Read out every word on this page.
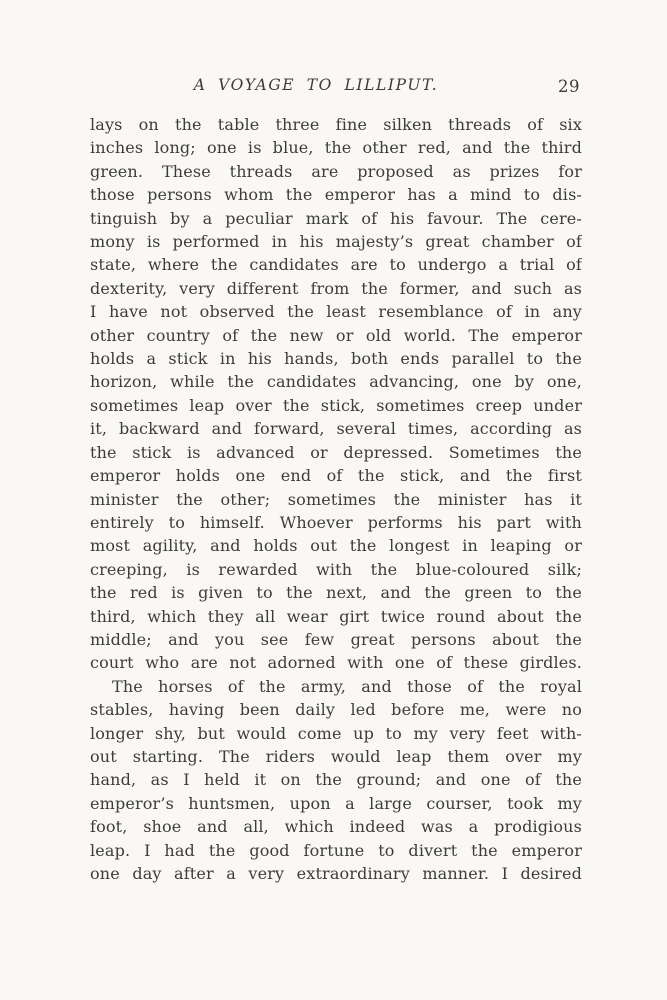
A VOYAGE TO LILLIPUT.	29
lays on the table three fine silken threads of six
inches long; one is blue, the other red, and the third
green. These threads are proposed as prizes for
those persons whom the emperor has a mind to dis-
tinguish by a peculiar mark of his favour. The cere-
mony is performed in his majesty’s great chamber of
state, where the candidates are to undergo a trial of
dexterity, very different from the former, and such as
I have not observed the least resemblance of in any
other country of the new or old world. The emperor
holds a stick in his hands, both ends parallel to the
horizon, while the candidates advancing, one by one,
sometimes leap over the stick, sometimes creep under
it, backward and forward, several times, according as
the stick is advanced or depressed. Sometimes the
emperor holds one end of the stick, and the first
minister the other; sometimes the minister has it
entirely to himself. Whoever performs his part with
most agility, and holds out the longest in leaping or
creeping, is rewarded with the blue-coloured silk;
the red is given to the next, and the green to the
third, which they all wear girt twice round about the
middle; and you see few great persons about the
court who are not adorned with one of these girdles.
The horses of the army, and those of the royal
stables, having been daily led before me, were no
longer shy, but would come up to my very feet with-
out starting. The riders would leap them over my
hand, as I held it on the ground; and one of the
emperor’s huntsmen, upon a large courser, took my
foot, shoe and all, which indeed was a prodigious
leap. I had the good fortune to divert the emperor
one day after a very extraordinary manner. I desired
